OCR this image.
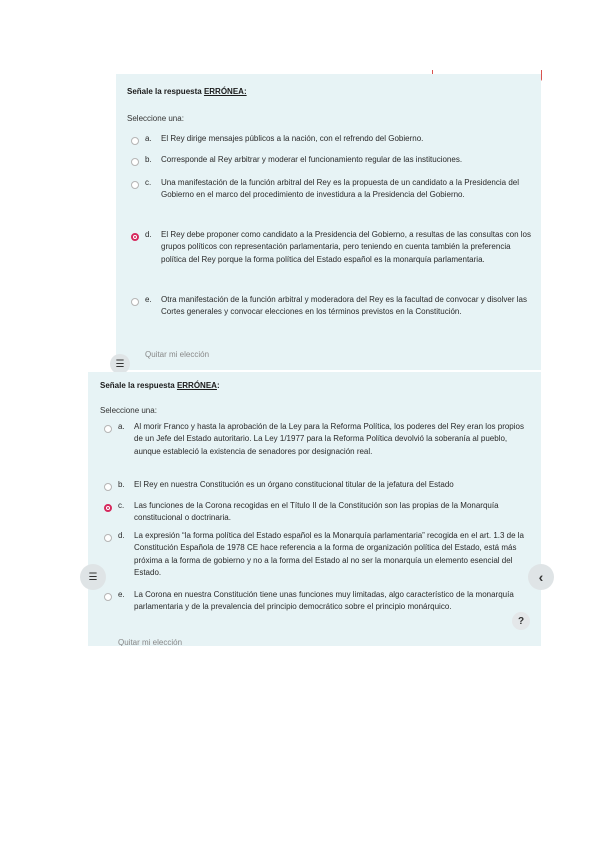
Señale la respuesta ERRÓNEA:
Seleccione una:
a.	El Rey dirige mensajes públicos a la nación, con el refrendo del Gobierno.
b.	Corresponde al Rey arbitrar y moderar el funcionamiento regular de las instituciones.
c.	Una manifestación de la función arbitral del Rey es la propuesta de un candidato a la Presidencia del Gobierno en el marco del procedimiento de investidura a la Presidencia del Gobierno.
d.	El Rey debe proponer como candidato a la Presidencia del Gobierno, a resultas de las consultas con los grupos políticos con representación parlamentaria, pero teniendo en cuenta también la preferencia política del Rey porque la forma política del Estado español es la monarquía parlamentaria.
e.	Otra manifestación de la función arbitral y moderadora del Rey es la facultad de convocar y disolver las Cortes generales y convocar elecciones en los términos previstos en la Constitución.
Quitar mi elección
☰
Señale la respuesta ERRÓNEA:
Seleccione una:
a.	Al morir Franco y hasta la aprobación de la Ley para la Reforma Política, los poderes del Rey eran los propios de un Jefe del Estado autoritario. La Ley 1/1977 para la Reforma Política devolvió la soberanía al pueblo, aunque estableció la existencia de senadores por designación real.
b.	El Rey en nuestra Constitución es un órgano constitucional titular de la jefatura del Estado
c.	Las funciones de la Corona recogidas en el Título II de la Constitución son las propias de la Monarquía constitucional o doctrinaria.
d.	La expresión “la forma política del Estado español es la Monarquía parlamentaria” recogida en el art. 1.3 de la Constitución Española de 1978 CE hace referencia a la forma de organización política del Estado, está más próxima a la forma de gobierno y no a la forma del Estado al no ser la monarquía un elemento esencial del Estado.
e.	La Corona en nuestra Constitución tiene unas funciones muy limitadas, algo característico de la monarquía parlamentaria y de la prevalencia del principio democrático sobre el principio monárquico.
Quitar mi elección
?
☰	‹
